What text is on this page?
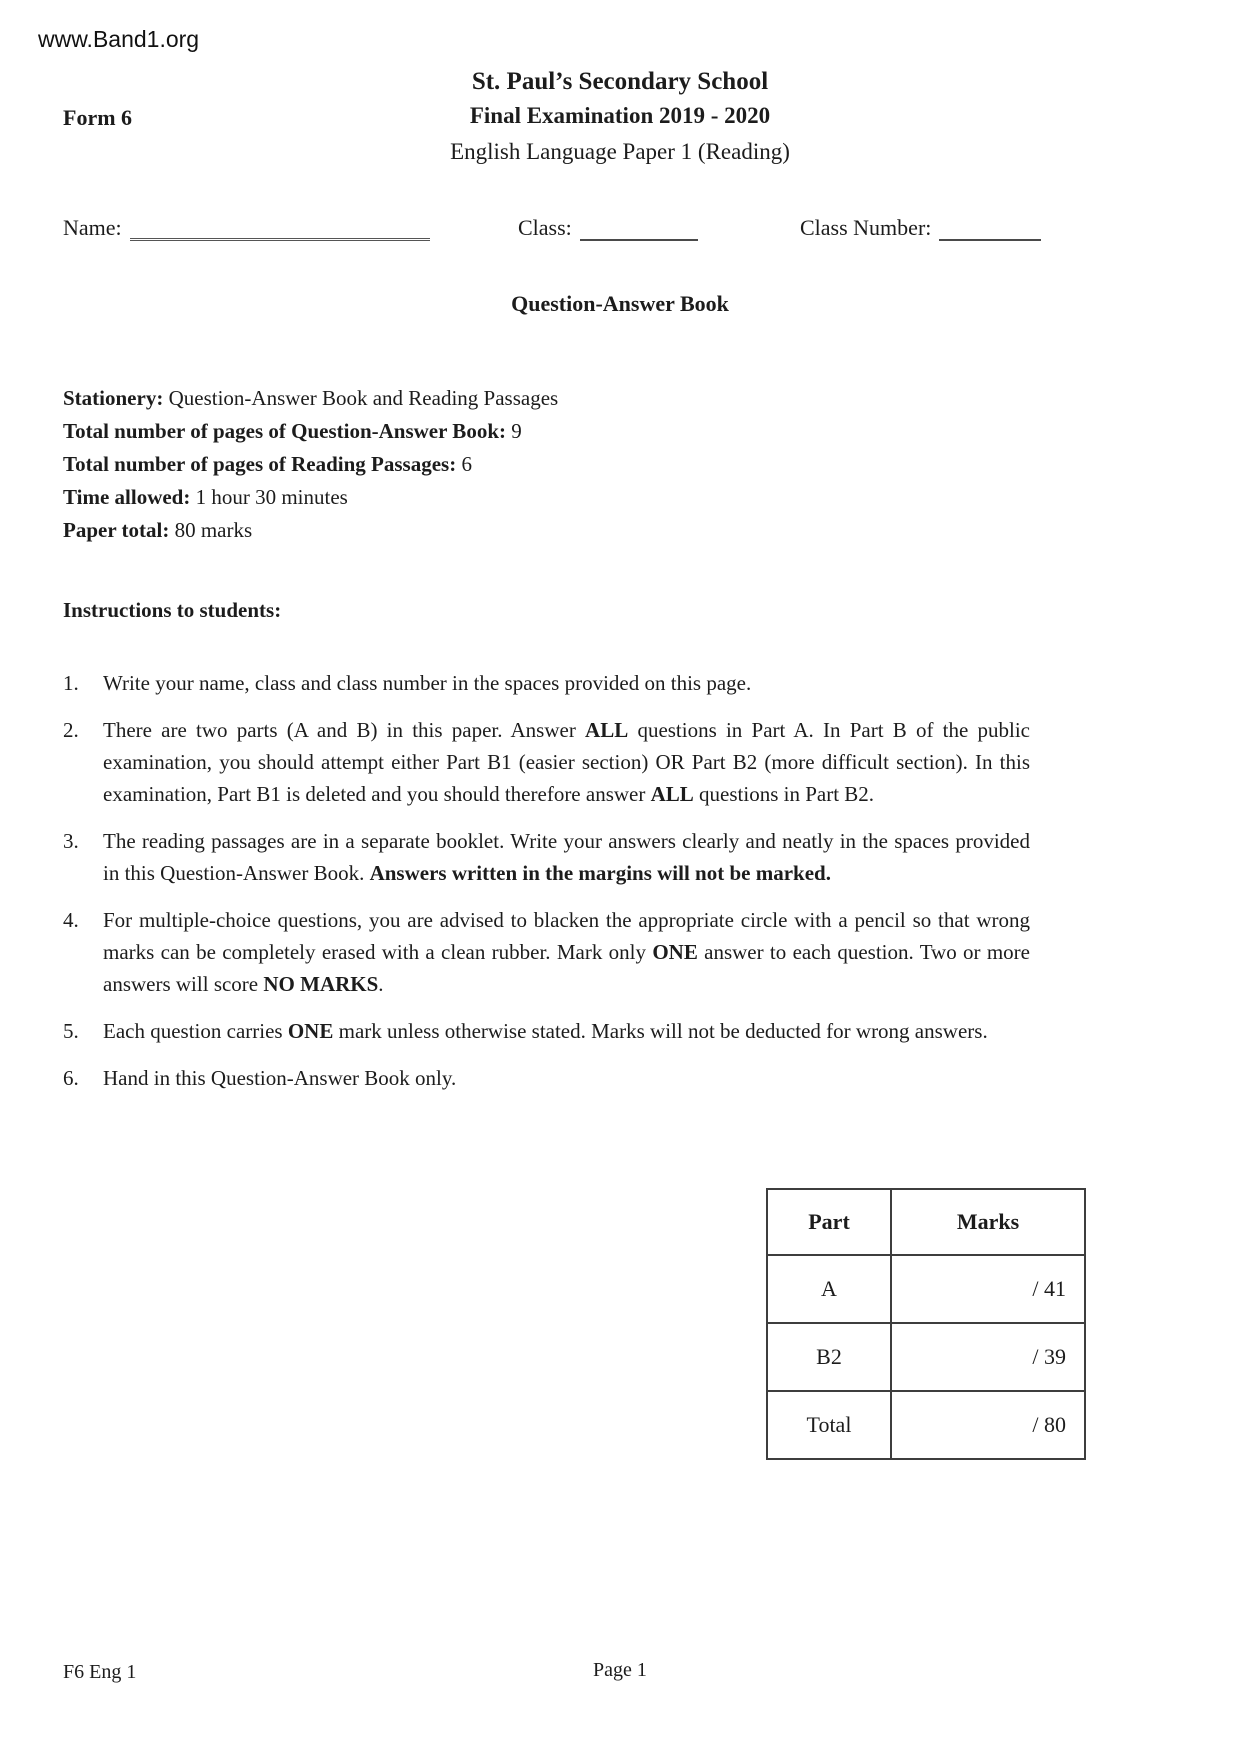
www.Band1.org
St. Paul’s Secondary School
Form 6	Final Examination 2019 - 2020
English Language Paper 1 (Reading)
Name:	Class:	Class Number:
Question-Answer Book
Stationery: Question-Answer Book and Reading Passages
Total number of pages of Question-Answer Book: 9
Total number of pages of Reading Passages: 6
Time allowed: 1 hour 30 minutes
Paper total: 80 marks

Instructions to students:

1.	Write your name, class and class number in the spaces provided on this page.
2.	There are two parts (A and B) in this paper. Answer ALL questions in Part A. In Part B of the public examination, you should attempt either Part B1 (easier section) OR Part B2 (more difficult section). In this examination, Part B1 is deleted and you should therefore answer ALL questions in Part B2.
3.	The reading passages are in a separate booklet. Write your answers clearly and neatly in the spaces provided in this Question-Answer Book. Answers written in the margins will not be marked.
4.	For multiple-choice questions, you are advised to blacken the appropriate circle with a pencil so that wrong marks can be completely erased with a clean rubber. Mark only ONE answer to each question. Two or more answers will score NO MARKS.
5.	Each question carries ONE mark unless otherwise stated. Marks will not be deducted for wrong answers.
6.	Hand in this Question-Answer Book only.
Part	Marks
A	/ 41
B2	/ 39
Total	/ 80
F6 Eng 1	Page 1
